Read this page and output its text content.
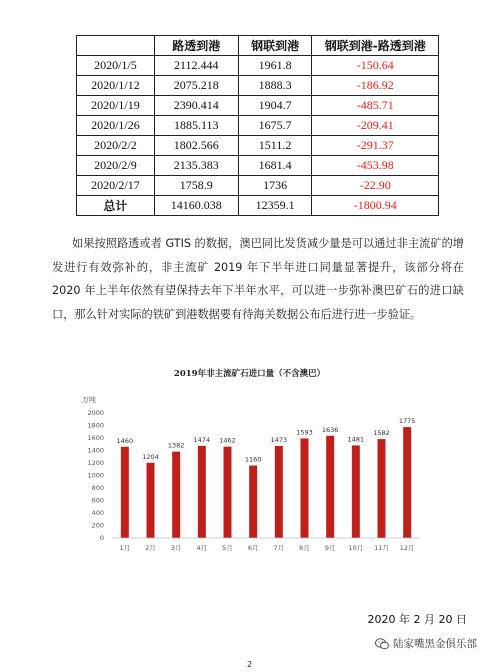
	路透到港	钢联到港	钢联到港-路透到港
2020/1/5	2112.444	1961.8	-150.64
2020/1/12	2075.218	1888.3	-186.92
2020/1/19	2390.414	1904.7	-485.71
2020/1/26	1885.113	1675.7	-209.41
2020/2/2	1802.566	1511.2	-291.37
2020/2/9	2135.383	1681.4	-453.98
2020/2/17	1758.9	1736	-22.90
总计	14160.038	12359.1	-1800.94
如果按照路透或者 GTIS 的数据，澳巴同比发货减少量是可以通过非主流矿的增发进行有效弥补的，非主流矿 2019 年下半年进口同量显著提升，该部分将在 2020 年上半年依然有望保持去年下半年水平，可以进一步弥补澳巴矿石的进口缺口，那么针对实际的铁矿到港数据要有待海关数据公布后进行进一步验证。
2019年非主流矿石进口量（不含澳巴）
万吨
0
200
400
600
800
1000
1200
1400
1600
1800
2000
1460
1204
1382
1474 1462
1160
1473
1593 1636
1481
1582
1775
1月 2月 3月 4月 5月 6月 7月 8月 9月 10月 11月 12月
2020 年 2 月 20 日
陆家嘴黑金俱乐部
2
